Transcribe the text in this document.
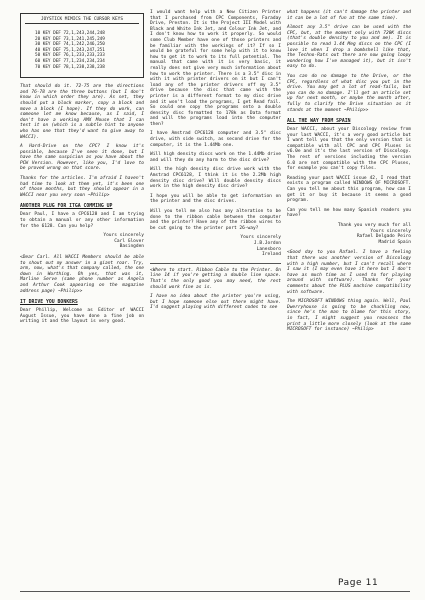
JOYSTICK MIMICS THE CURSOR KEYS
10 KEY DEF 72,1,243,244,248
20 KEY DEF 73,1,241,245,249
30 KEY DEF 74,1,242,246,250
40 KEY DEF 75,1,243,247,251
50 KEY DEF 76,1,233,233,233
60 KEY DEF 77,1,234,234,234
70 KEY DEF 78,1,238,238,238

That should do it. 72-75 are the directions and 76-78 are the three buttons (but I don't know in which order they are). As set, they should put a block marker, copy a block and move a block (I hope). If they do work, can someone let me know because, as I said, I don't have a working AMX Mouse that I can test it on (which is a subtle hint to anyone who has one that they'd want to give away to WACCI).

A Hard-Drive on the CPC? I know it's possible, because I've seen it done, but I have the same suspicion as you have about the PCW Version. However, like you, I'd love to be proved wrong on that score.

Thanks for the articles. I'm afraid I haven't had time to look at them yet, it's been one of those months, but they should appear in a WACCI near you very soon ~Philip>

ANOTHER PLUG FOR ITGA COMMING UP

Dear Paul, I have a CPC6128 and I am trying to obtain a manual or any other information for the 6128. Can you help?

Yours sincerely

Carl Glover

Basingden

<Dear Carl. All WACCI Members should be able to shout out my answer in a giant roar. Try, arm, now, what's that company called, the one down in Worthing. Oh yes, that was it, Marline Serve (same phone number as Angela and Arthur Cook appearing on the magazine address page) ~Philip>>

IT DRIVE YOU BONKERS

Dear Phillip, Welcome as Editor of WACCI August Issue, you have done a fine job on writing it and the layout is very good.

I would want help with a New Citizen Printer that I purchased from CPC Components, Faraday Drive, Preston. It is the Project III Model with Black and White Ink Jet, and Colour Ink Jet, and I don't know how to work it properly. So would some Club Member have one of those printers and be familiar with the workings of it? If so I would be grateful for some help with it to know how to get it to work to its full potential. The manual that came with it is very basic, it really does not give very much information about how to work the printer. There is a 3.5" disc in with it with printer drivers on it but I can't load any of the printer drivers off my 3.5" drive because the disc that came with the printer is a different format to my disc drive and it won't load the programs, I get Read fail. So could one copy the programs onto a double density disc formatted to 178k as Data format and will the programs load into the computer then?

I have Amstrad CPC6128 computer and 3.5" disc drive, with side switch, as second drive for the computer, it is the 1.44Mb one.

Will high density discs work on the 1.44Mb drive and will they do any harm to the disc drive?

Will the high density disc drive work with the Amstrad CPC6128, I think it is the 2.2Mb high density disc drive? Will double density discs work in the high density disc drive?

I hope you will be able to get information on the printer and the disc drives.

Will you tell me also has any alteration to be done to the ribbon cable between the computer and the printer? Have any of the ribbon wires to be cut going to the printer port 26-way?

Yours sincerely

J.B.Jordon

Lanesboro

Ireland

<Where to start. Ribbon Cable to the Printer. On line 14 if you're getting a double line space. That's the only good you may need, the rest should work fine as is.

I have no idea about the printer you're using, but I hope someone else out there might have. I'd suggest playing with different codes to see

what happens (it can't damage the printer and it can be a lot of fun at the same time).

Almost any 3.5" drive can be used with the CPC, but, at the moment only with 720K discs (that's double density to you and me). It is possible to read 1.44 Meg discs on the CPC (I love it when I drop a bombshell like that, the Techno-Rats out there are now going loopy wondering how I've managed it), but it isn't easy to do.

You can do no damage to the Drive, or the CPC, regardless of what disc you put in the drive. You may get a lot of read-fails, but you can do no damage. I'll get an article set up for next month, or maybe the month after, fully to clarify the Drive situation as it stands at the moment ~Philip>>

ALL THE WAY FROM SPAIN

Dear WACCI, about your Discology review from your last WACCI, it's a very good article but I want tell you that the only version that is compatible with all CPC and CPC Pluses is v6.0e and it's the last version of Discology. The rest of versions including the version 6.0 are not compatible with the CPC Pluses, for example you can't copy files.

Reading your past WACCI issue 42, I read that exists a program called WINDOWS OF MICROSOFT. Can you tell me about this program, how can I get it or buy it because it seems a good program.

Can you tell me how many Spanish readers you have?

Thank you very much for all

Yours sincerely

Rafael Delgado Peiro

Madrid Spain

<Good day to you Rafael. I have a feeling that there was another version of Discology with a high number, but I can't recall where I saw it (I may even have it here but I don't have as much time as I used to for playing around with software). Thanks for your comments about the PLUS machine compatibility with software.

The MICROSOFT WINDOWS thing again. Well, Paul Dwerryhouse is going to be chuckling now, since he's the man to blame for this story, in fact, I might suggest you reassess the print a little more closely (look at the same MICROSOFT for instance) ~Philip>

Page 11
